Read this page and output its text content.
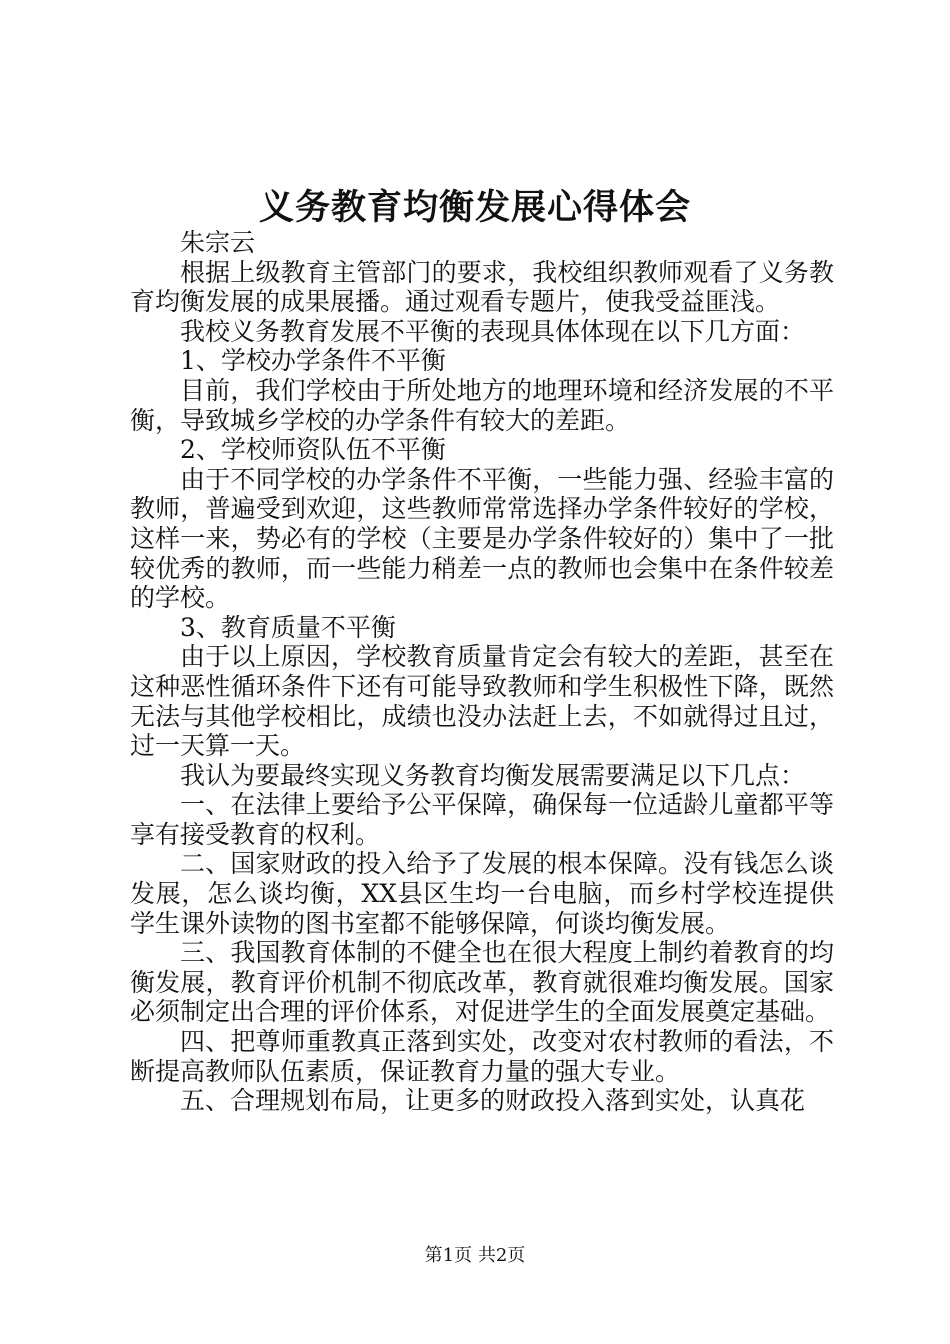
义务教育均衡发展心得体会

朱宗云

根据上级教育主管部门的要求，我校组织教师观看了义务教育均衡发展的成果展播。通过观看专题片，使我受益匪浅。

我校义务教育发展不平衡的表现具体体现在以下几方面：

1、学校办学条件不平衡

目前，我们学校由于所处地方的地理环境和经济发展的不平衡，导致城乡学校的办学条件有较大的差距。

2、学校师资队伍不平衡

由于不同学校的办学条件不平衡，一些能力强、经验丰富的教师，普遍受到欢迎，这些教师常常选择办学条件较好的学校，这样一来，势必有的学校（主要是办学条件较好的）集中了一批较优秀的教师，而一些能力稍差一点的教师也会集中在条件较差的学校。

3、教育质量不平衡

由于以上原因，学校教育质量肯定会有较大的差距，甚至在这种恶性循环条件下还有可能导致教师和学生积极性下降，既然无法与其他学校相比，成绩也没办法赶上去，不如就得过且过，过一天算一天。

我认为要最终实现义务教育均衡发展需要满足以下几点：

一、在法律上要给予公平保障，确保每一位适龄儿童都平等享有接受教育的权利。

二、国家财政的投入给予了发展的根本保障。没有钱怎么谈发展，怎么谈均衡，XX县区生均一台电脑，而乡村学校连提供学生课外读物的图书室都不能够保障，何谈均衡发展。

三、我国教育体制的不健全也在很大程度上制约着教育的均衡发展，教育评价机制不彻底改革，教育就很难均衡发展。国家必须制定出合理的评价体系，对促进学生的全面发展奠定基础。

四、把尊师重教真正落到实处，改变对农村教师的看法，不断提高教师队伍素质，保证教育力量的强大专业。

五、合理规划布局，让更多的财政投入落到实处，认真花

第1页 共2页
